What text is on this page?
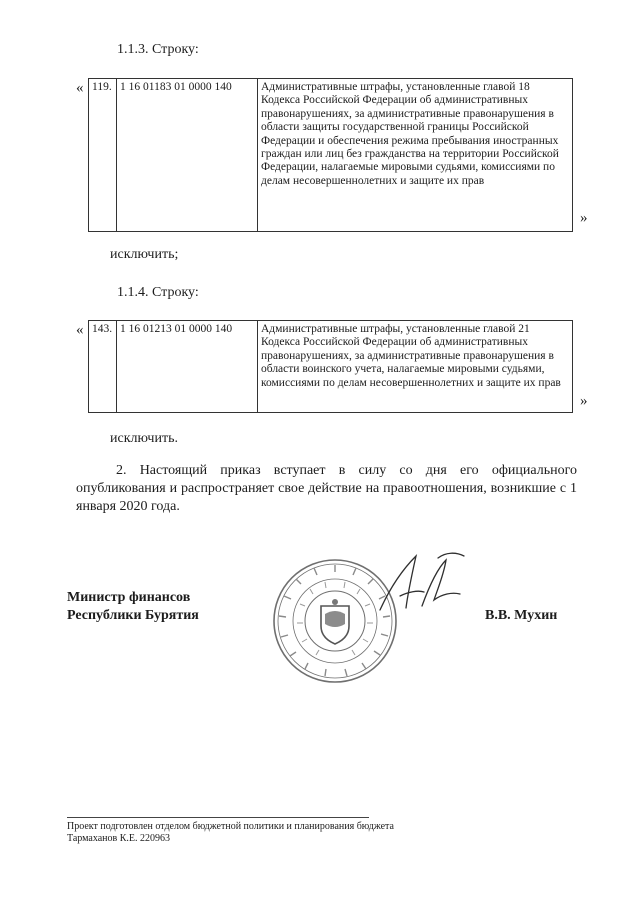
1.1.3. Строку:
« 119.	1 16 01183 01 0000 140	Административные штрафы, установленные главой 18 Кодекса Российской Федерации об административных правонарушениях, за административные правонарушения в области защиты государственной границы Российской Федерации и обеспечения режима пребывания иностранных граждан или лиц без гражданства на территории Российской Федерации, налагаемые мировыми судьями, комиссиями по делам несовершеннолетних и защите их прав
»
исключить;
1.1.4. Строку:
« 143.	1 16 01213 01 0000 140	Административные штрафы, установленные главой 21 Кодекса Российской Федерации об административных правонарушениях, за административные правонарушения в области воинского учета, налагаемые мировыми судьями, комиссиями по делам несовершеннолетних и защите их прав
»
исключить.
2. Настоящий приказ вступает в силу со дня его официального опубликования и распространяет свое действие на правоотношения, возникшие с 1 января 2020 года.
Министр финансов
Республики Бурятия	В.В. Мухин
Проект подготовлен отделом бюджетной политики и планирования бюджета
Тармаханов К.Е. 220963
